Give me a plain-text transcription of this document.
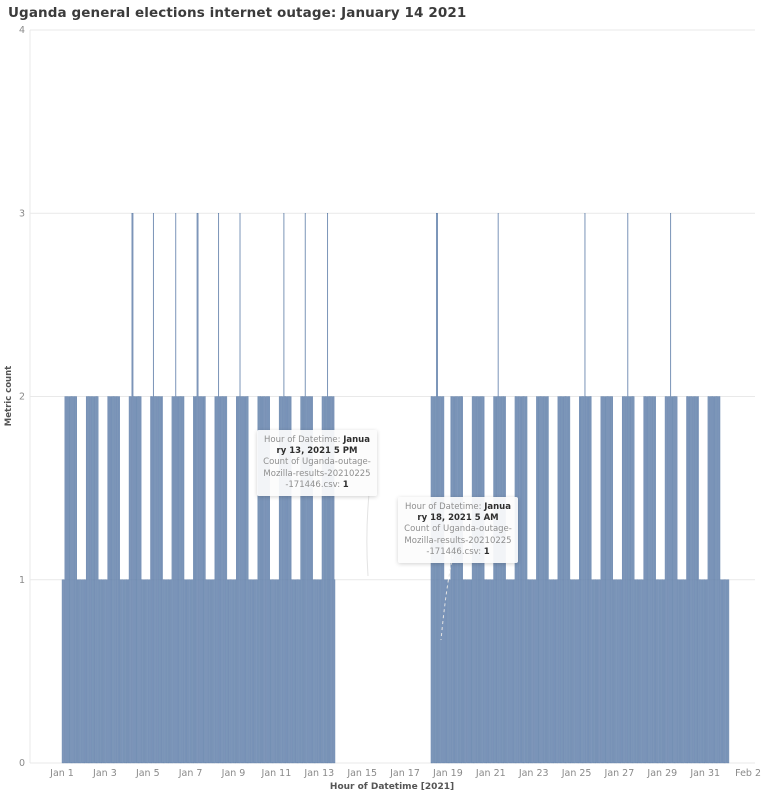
Uganda general elections internet outage: January 14 2021
0
1
2
3
4
Jan 1 Jan 3 Jan 5 Jan 7 Jan 9 Jan 11 Jan 13 Jan 15 Jan 17 Jan 19 Jan 21 Jan 23 Jan 25 Jan 27 Jan 29 Jan 31 Feb 2
Metric count
Hour of Datetime [2021]
Hour of Datetime: January 13, 2021 5 PM
Count of Uganda-outage-Mozilla-results-20210225-171446.csv: 1
Hour of Datetime: January 18, 2021 5 AM
Count of Uganda-outage-Mozilla-results-20210225-171446.csv: 1
